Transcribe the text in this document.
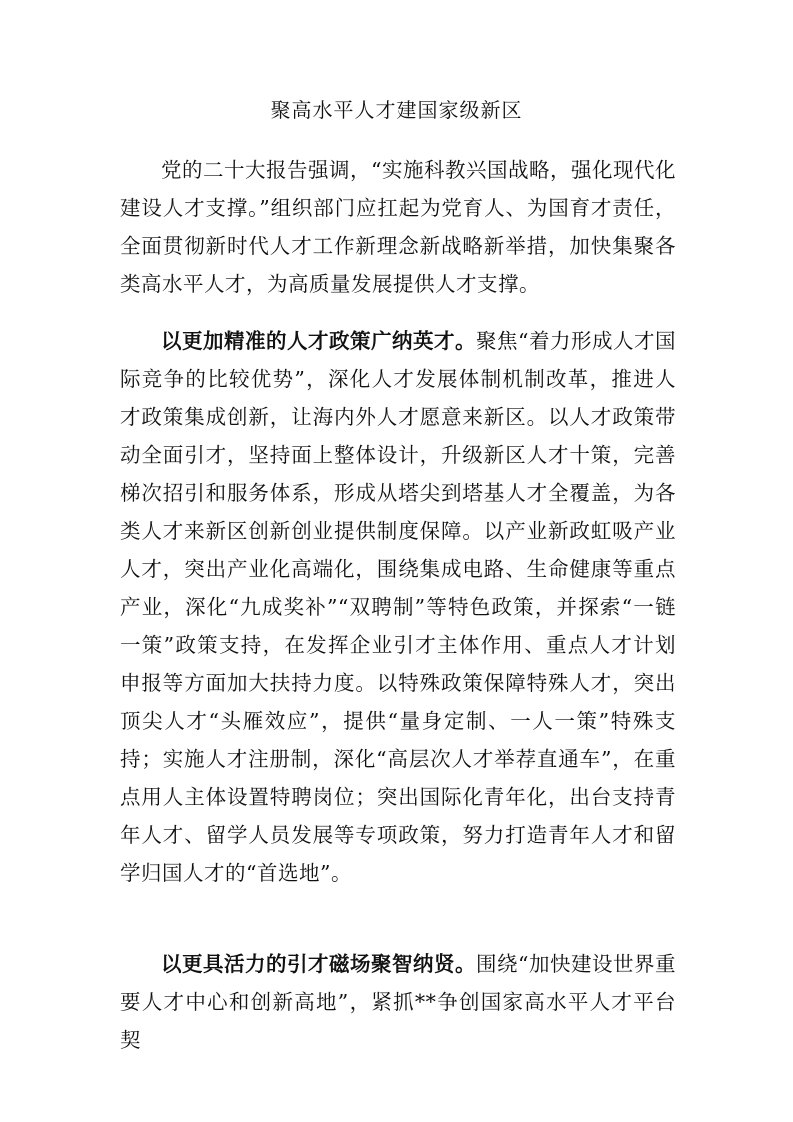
聚高水平人才建国家级新区

党的二十大报告强调，“实施科教兴国战略，强化现代化建设人才支撑。”组织部门应扛起为党育人、为国育才责任，全面贯彻新时代人才工作新理念新战略新举措，加快集聚各类高水平人才，为高质量发展提供人才支撑。

以更加精准的人才政策广纳英才。聚焦“着力形成人才国际竞争的比较优势”，深化人才发展体制机制改革，推进人才政策集成创新，让海内外人才愿意来新区。以人才政策带动全面引才，坚持面上整体设计，升级新区人才十策，完善梯次招引和服务体系，形成从塔尖到塔基人才全覆盖，为各类人才来新区创新创业提供制度保障。以产业新政虹吸产业人才，突出产业化高端化，围绕集成电路、生命健康等重点产业，深化“九成奖补”“双聘制”等特色政策，并探索“一链一策”政策支持，在发挥企业引才主体作用、重点人才计划申报等方面加大扶持力度。以特殊政策保障特殊人才，突出顶尖人才“头雁效应”，提供“量身定制、一人一策”特殊支持；实施人才注册制，深化“高层次人才举荐直通车”，在重点用人主体设置特聘岗位；突出国际化青年化，出台支持青年人才、留学人员发展等专项政策，努力打造青年人才和留学归国人才的“首选地”。

以更具活力的引才磁场聚智纳贤。围绕“加快建设世界重要人才中心和创新高地”，紧抓**争创国家高水平人才平台契
